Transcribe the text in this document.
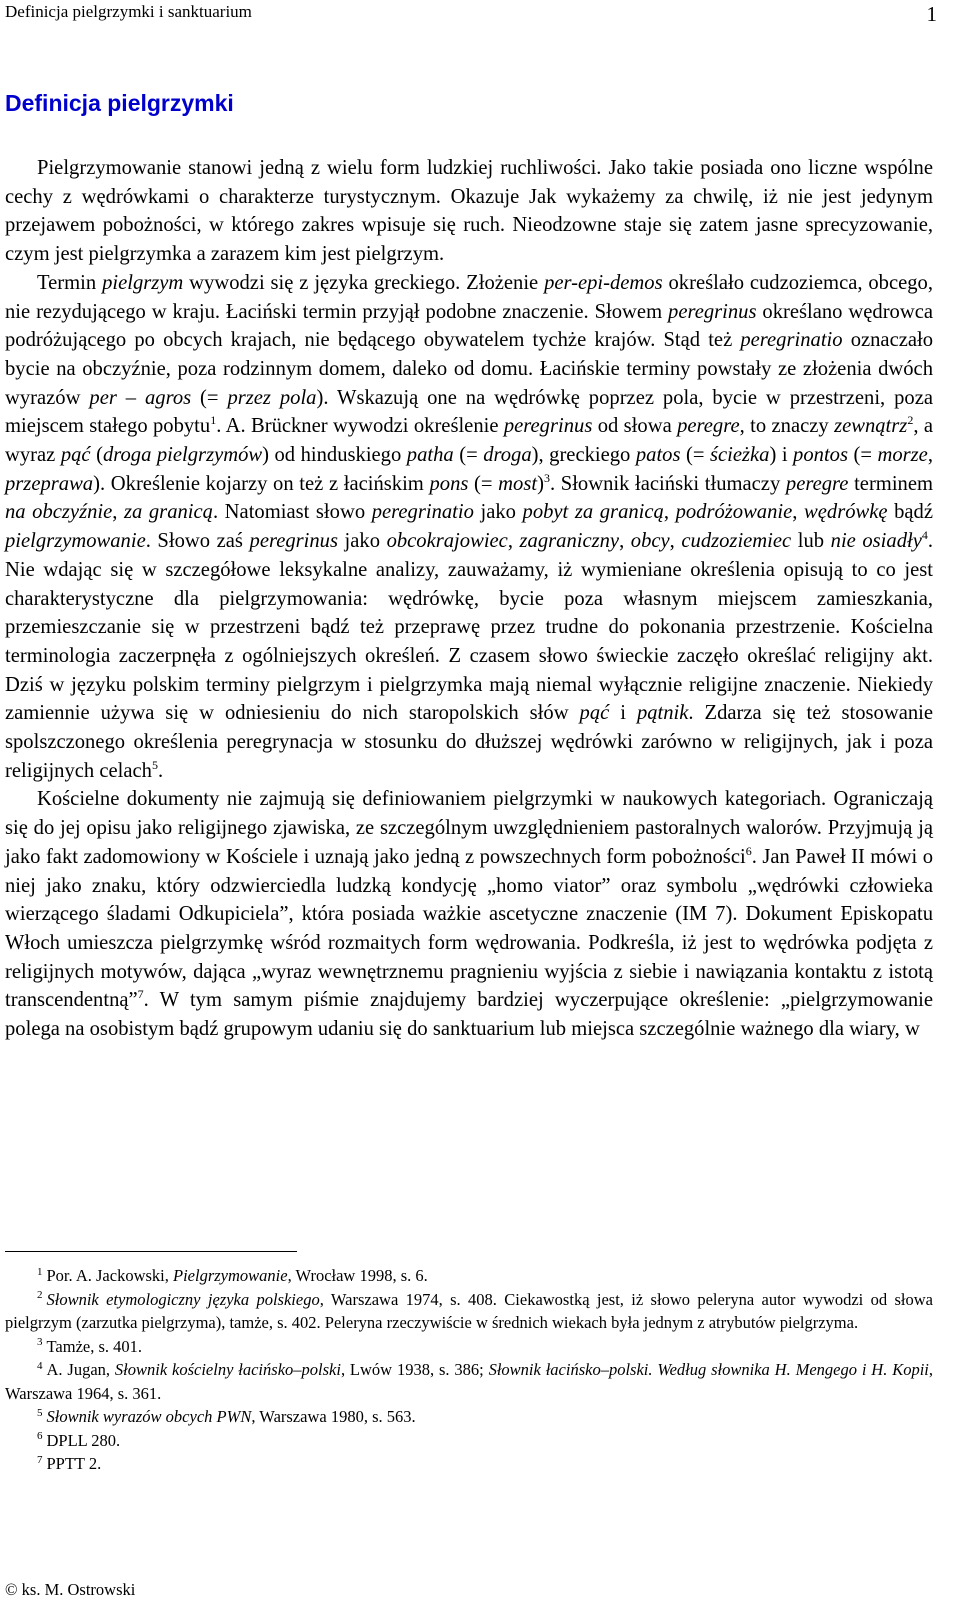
Definicja pielgrzymki i sanktuarium	1
Definicja pielgrzymki

Pielgrzymowanie stanowi jedną z wielu form ludzkiej ruchliwości. Jako takie posiada ono liczne wspólne cechy z wędrówkami o charakterze turystycznym. Okazuje Jak wykażemy za chwilę, iż nie jest jedynym przejawem pobożności, w którego zakres wpisuje się ruch. Nieodzowne staje się zatem jasne sprecyzowanie, czym jest pielgrzymka a zarazem kim jest pielgrzym.

Termin pielgrzym wywodzi się z języka greckiego. Złożenie per-epi-demos określało cudzoziemca, obcego, nie rezydującego w kraju. Łaciński termin przyjął podobne znaczenie. Słowem peregrinus określano wędrowca podróżującego po obcych krajach, nie będącego obywatelem tychże krajów. Stąd też peregrinatio oznaczało bycie na obczyźnie, poza rodzinnym domem, daleko od domu. Łacińskie terminy powstały ze złożenia dwóch wyrazów per – agros (= przez pola). Wskazują one na wędrówkę poprzez pola, bycie w przestrzeni, poza miejscem stałego pobytu$^1$. A. Brückner wywodzi określenie peregrinus od słowa peregre, to znaczy zewnątrz$^2$, a wyraz pąć (droga pielgrzymów) od hinduskiego patha (= droga), greckiego patos (= ścieżka) i pontos (= morze, przeprawa). Określenie kojarzy on też z łacińskim pons (= most)$^3$. Słownik łaciński tłumaczy peregre terminem na obczyźnie, za granicą. Natomiast słowo peregrinatio jako pobyt za granicą, podróżowanie, wędrówkę bądź pielgrzymowanie. Słowo zaś peregrinus jako obcokrajowiec, zagraniczny, obcy, cudzoziemiec lub nie osiadły$^4$. Nie wdając się w szczegółowe leksykalne analizy, zauważamy, iż wymieniane określenia opisują to co jest charakterystyczne dla pielgrzymowania: wędrówkę, bycie poza własnym miejscem zamieszkania, przemieszczanie się w przestrzeni bądź też przeprawę przez trudne do pokonania przestrzenie. Kościelna terminologia zaczerpnęła z ogólniejszych określeń. Z czasem słowo świeckie zaczęło określać religijny akt. Dziś w języku polskim terminy pielgrzym i pielgrzymka mają niemal wyłącznie religijne znaczenie. Niekiedy zamiennie używa się w odniesieniu do nich staropolskich słów pąć i pątnik. Zdarza się też stosowanie spolszczonego określenia peregrynacja w stosunku do dłuższej wędrówki zarówno w religijnych, jak i poza religijnych celach$^5$.

Kościelne dokumenty nie zajmują się definiowaniem pielgrzymki w naukowych kategoriach. Ograniczają się do jej opisu jako religijnego zjawiska, ze szczególnym uwzględnieniem pastoralnych walorów. Przyjmują ją jako fakt zadomowiony w Kościele i uznają jako jedną z powszechnych form pobożności$^6$. Jan Paweł II mówi o niej jako znaku, który odzwierciedla ludzką kondycję „homo viator” oraz symbolu „wędrówki człowieka wierzącego śladami Odkupiciela”, która posiada ważkie ascetyczne znaczenie (IM 7). Dokument Episkopatu Włoch umieszcza pielgrzymkę wśród rozmaitych form wędrowania. Podkreśla, iż jest to wędrówka podjęta z religijnych motywów, dająca „wyraz wewnętrznemu pragnieniu wyjścia z siebie i nawiązania kontaktu z istotą transcendentną”$^7$. W tym samym piśmie znajdujemy bardziej wyczerpujące określenie: „pielgrzymowanie polega na osobistym bądź grupowym udaniu się do sanktuarium lub miejsca szczególnie ważnego dla wiary, w

$^1$ Por. A. Jackowski, Pielgrzymowanie, Wrocław 1998, s. 6.

$^2$ Słownik etymologiczny języka polskiego, Warszawa 1974, s. 408. Ciekawostką jest, iż słowo peleryna autor wywodzi od słowa pielgrzym (zarzutka pielgrzyma), tamże, s. 402. Peleryna rzeczywiście w średnich wiekach była jednym z atrybutów pielgrzyma.

$^3$ Tamże, s. 401.

$^4$ A. Jugan, Słownik kościelny łacińsko–polski, Lwów 1938, s. 386; Słownik łacińsko–polski. Według słownika H. Mengego i H. Kopii, Warszawa 1964, s. 361.

$^5$ Słownik wyrazów obcych PWN, Warszawa 1980, s. 563.

$^6$ DPLL 280.

$^7$ PPTT 2.

© ks. M. Ostrowski
